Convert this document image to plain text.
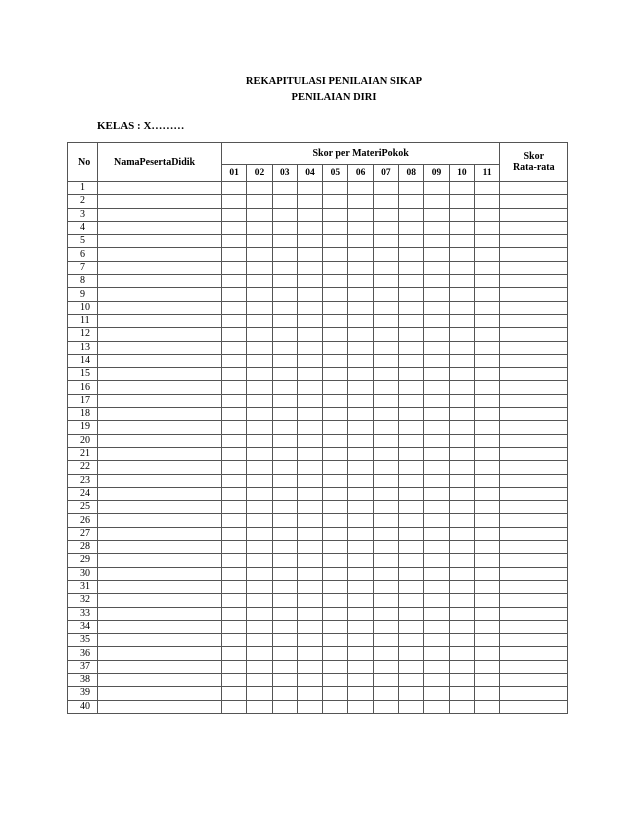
REKAPITULASI PENILAIAN SIKAP
PENILAIAN DIRI
KELAS : X………
No	NamaPesertaDidik	Skor per MateriPokok											Skor
Rata-rata
		01	02	03	04	05	06	07	08	09	10	11	
1													
2													
3													
4													
5													
6													
7													
8													
9													
10													
11													
12													
13													
14													
15													
16													
17													
18													
19													
20													
21													
22													
23													
24													
25													
26													
27													
28													
29													
30													
31													
32													
33													
34													
35													
36													
37													
38													
39													
40													
